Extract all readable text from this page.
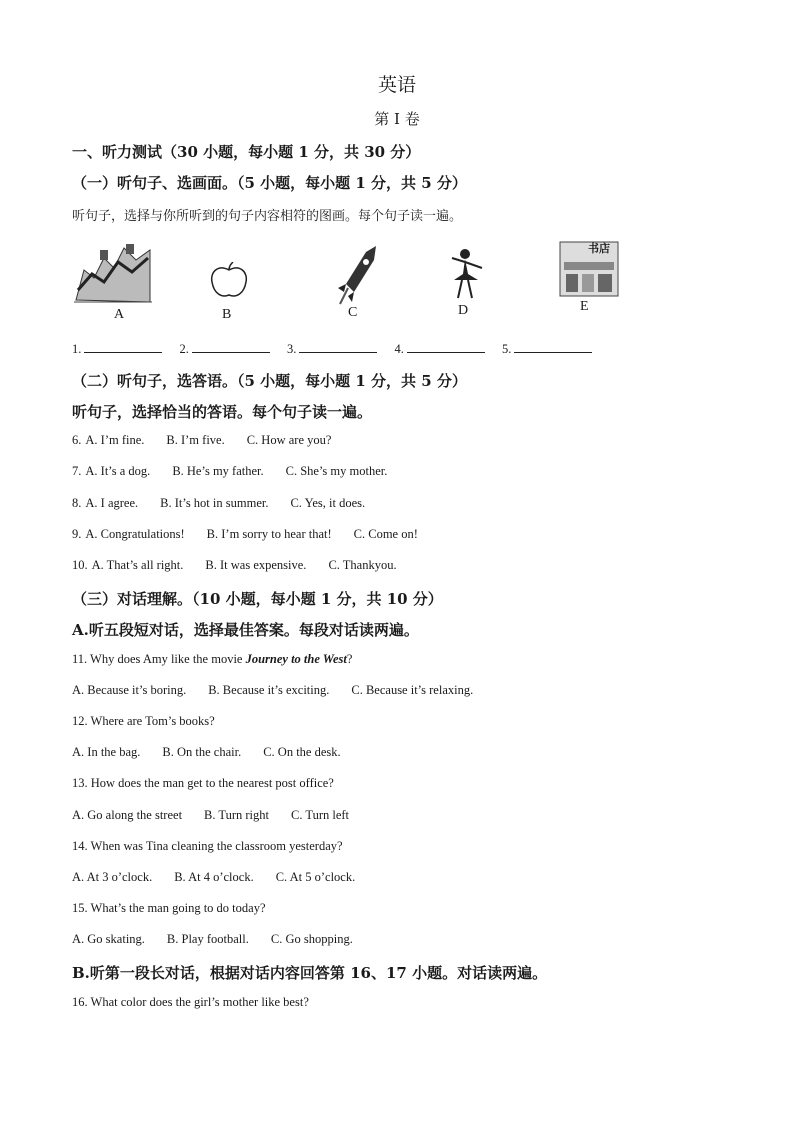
英语
第 I 卷
一、听力测试（30 小题，每小题 1 分，共 30 分）
（一）听句子、选画面。（5 小题，每小题 1 分，共 5 分）
听句子，选择与你所听到的句子内容相符的图画。每个句子读一遍。
书店
A	B	C	D	E
1.	2.	3.	4.	5.
（二）听句子，选答语。（5 小题，每小题 1 分，共 5 分）
听句子，选择恰当的答语。每个句子读一遍。
6. A. I’m fine. B. I’m five. C. How are you?
7. A. It’s a dog. B. He’s my father. C. She’s my mother.
8. A. I agree. B. It’s hot in summer. C. Yes, it does.
9. A. Congratulations! B. I’m sorry to hear that! C. Come on!
10. A. That’s all right. B. It was expensive. C. Thankyou.
（三）对话理解。（10 小题，每小题 1 分，共 10 分）
A.听五段短对话，选择最佳答案。每段对话读两遍。
11. Why does Amy like the movie Journey to the West?
A. Because it’s boring. B. Because it’s exciting. C. Because it’s relaxing.
12. Where are Tom’s books?
A. In the bag. B. On the chair. C. On the desk.
13. How does the man get to the nearest post office?
A. Go along the street B. Turn right C. Turn left
14. When was Tina cleaning the classroom yesterday?
A. At 3 o’clock. B. At 4 o’clock. C. At 5 o’clock.
15. What’s the man going to do today?
A. Go skating. B. Play football. C. Go shopping.
B.听第一段长对话，根据对话内容回答第 16、17 小题。对话读两遍。
16. What color does the girl’s mother like best?
